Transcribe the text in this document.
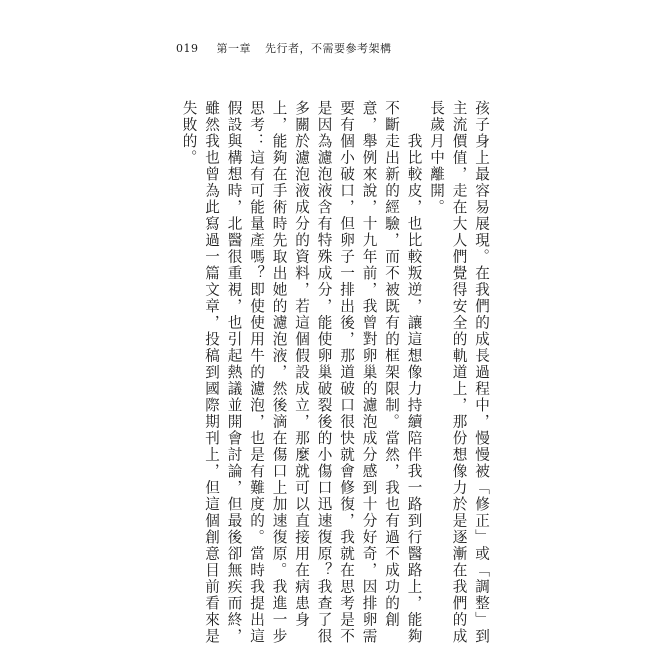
019 第一章 先行者，不需要參考架構
孩子身上最容易展現。在我們的成長過程中，慢慢被「修正」或「調整」到
主流價值，走在大人們覺得安全的軌道上，那份想像力於是逐漸在我們的成
長歲月中離開。
　　我比較皮，也比較叛逆，讓這想像力持續陪伴我一路到行醫路上，能夠
不斷走出新的經驗，而不被既有的框架限制。當然，我也有過不成功的創
意，舉例來說，十九年前，我曾對卵巢的濾泡成分感到十分好奇，因排卵需
要有個小破口，但卵子一排出後，那道破口很快就會修復，我就在思考是不
是因為濾泡液含有特殊成分，能使卵巢破裂後的小傷口迅速復原？我查了很
多關於濾泡液成分的資料，若這個假設成立，那麼就可以直接用在病患身
上，能夠在手術時先取出她的濾泡液，然後滴在傷口上加速復原。我進一步
思考：這有可能量產嗎？即使使用牛的濾泡，也是有難度的。當時我提出這
假設與構想時，北醫很重視，也引起熱議並開會討論，但最後卻無疾而終，
雖然我也曾為此寫過一篇文章，投稿到國際期刊上，但這個創意目前看來是
失敗的。
